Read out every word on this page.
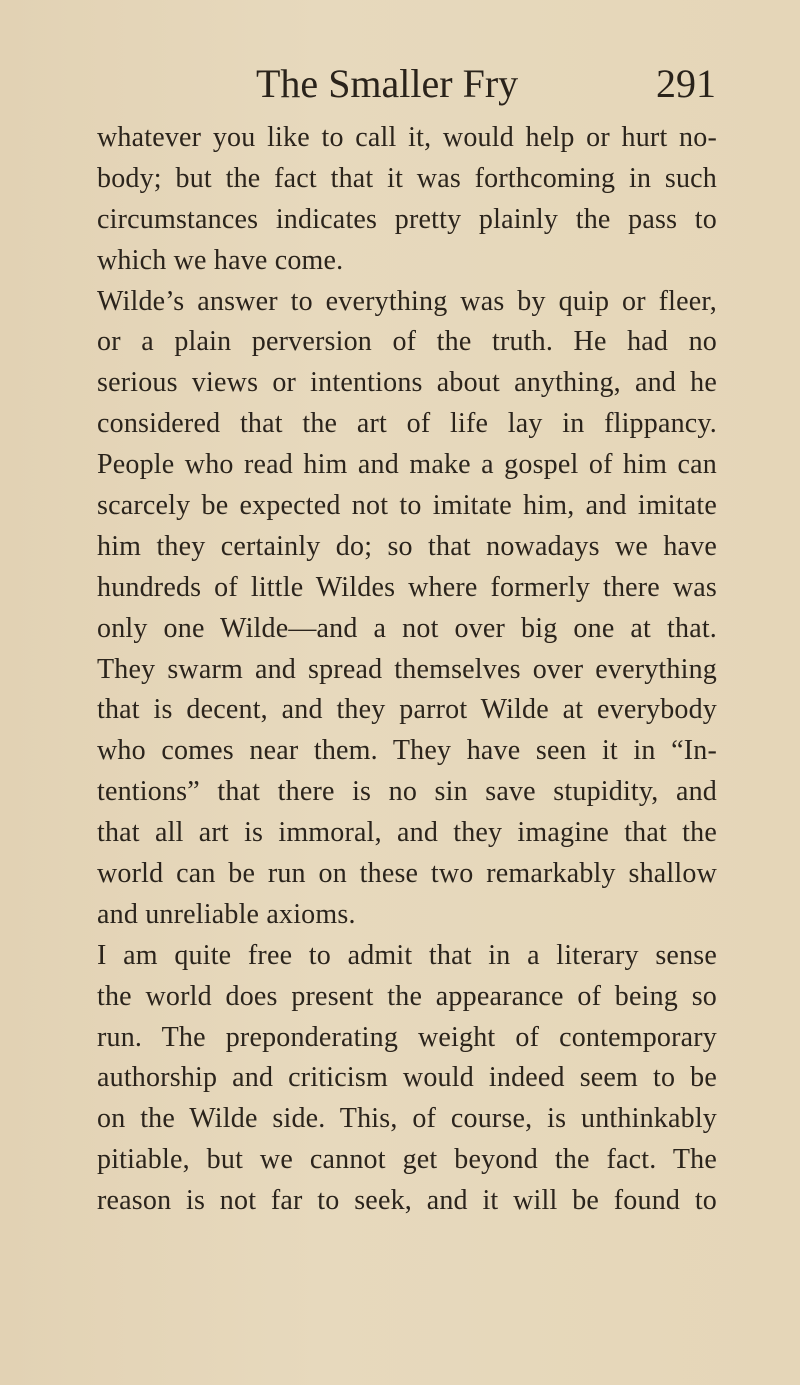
The Smaller Fry	291
whatever you like to call it, would help or hurt no-
body; but the fact that it was forthcoming in such
circumstances indicates pretty plainly the pass to
which we have come.
Wilde’s answer to everything was by quip or fleer,
or a plain perversion of the truth. He had no
serious views or intentions about anything, and he
considered that the art of life lay in flippancy.
People who read him and make a gospel of him can
scarcely be expected not to imitate him, and imitate
him they certainly do; so that nowadays we have
hundreds of little Wildes where formerly there was
only one Wilde—and a not over big one at that.
They swarm and spread themselves over everything
that is decent, and they parrot Wilde at everybody
who comes near them. They have seen it in “In-
tentions” that there is no sin save stupidity, and
that all art is immoral, and they imagine that the
world can be run on these two remarkably shallow
and unreliable axioms.
I am quite free to admit that in a literary sense
the world does present the appearance of being so
run. The preponderating weight of contemporary
authorship and criticism would indeed seem to be
on the Wilde side. This, of course, is unthinkably
pitiable, but we cannot get beyond the fact. The
reason is not far to seek, and it will be found to
